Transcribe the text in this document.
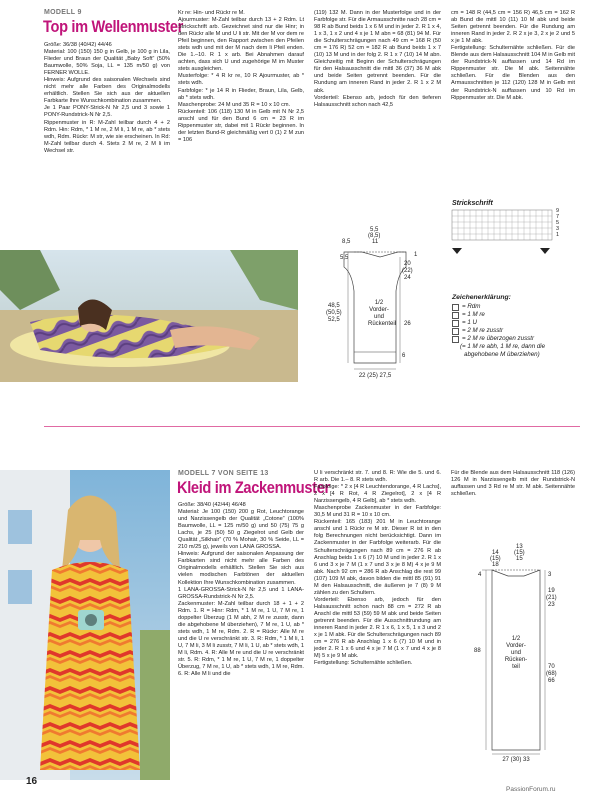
MODELL 9
Top im Wellenmuster
Größe: 36/38 (40/42) 44/46
Material: 100 (150) 150 g in Gelb, je 100 g in Lila, Flieder und Braun der Qualität „Baby Soft“ (50% Baumwolle, 50% Soja, LL = 135 m/50 g) von FERNER WOLLE.
Hinweis: Aufgrund des saisonalen Wechsels sind nicht mehr alle Farben des Originalmodells erhältlich. Stellen Sie sich aus der aktuellen Farbkarte Ihre Wunschkombination zusammen.
Je 1 Paar PONY-Strick-N Nr 2,5 und 3 sowie 1 PONY-Rundstrick-N Nr 2,5.
Rippenmuster in R: M-Zahl teilbar durch 4 + 2 Rdm. Hin: Rdm, * 1 M re, 2 M li, 1 M re, ab * stets wdh, Rdm. Rückr: M str, wie sie erscheinen. In Rd: M-Zahl teilbar durch 4. Stets 2 M re, 2 M li im Wechsel str.
Kr re: Hin- und Rückr re M.
Ajourmuster: M-Zahl teilbar durch 13 + 2 Rdm. Lt Strickschrift arb. Gezeichnet sind nur die Hinr; in den Rückr alle M und U li str. Mit der M vor dem re Pfeil beginnen, den Rapport zwischen den Pfeilen stets wdh und mit der M nach dem li Pfeil enden. Die 1.–10. R 1 x arb. Bei Abnahmen darauf achten, dass sich U und zugehörige M im Muster stets ausgleichen.
Musterfolge: * 4 R kr re, 10 R Ajourmuster, ab * stets wdh.
Farbfolge: * je 14 R in Flieder, Braun, Lila, Gelb, ab * stets wdh.
Maschenprobe: 24 M und 35 R = 10 x 10 cm.
Rückenteil: 106 (118) 130 M in Gelb mit N Nr 2,5 anschl und für den Bund 6 cm = 23 R im Rippenmuster str, dabei mit 1 Rückr beginnen. In der letzten Bund-R gleichmäßig vert 0 (1) 2 M zun = 106
(119) 132 M. Dann in der Musterfolge und in der Farbfolge str. Für die Armausschnitte nach 28 cm = 98 R ab Bund beids 1 x 6 M und in jeder 2. R 1 x 4, 1 x 3, 1 x 2 und 4 x je 1 M abn = 68 (81) 94 M. Für die Schulterschrägungen nach 49 cm = 168 R (50 cm = 176 R) 52 cm = 182 R ab Bund beids 1 x 7 (10) 13 M und in der folg 2. R 1 x 7 (10) 14 M abn. Gleichzeitig mit Beginn der Schulterschrägungen für den Halsausschnitt die mittl 36 (37) 36 M abk und beide Seiten getrennt beenden. Für die Rundung am inneren Rand in jeder 2. R 1 x 2 M abk.
Vorderteil: Ebenso arb, jedoch für den tieferen Halsausschnitt schon nach 42,5
cm = 148 R (44,5 cm = 156 R) 46,5 cm = 162 R ab Bund die mittl 10 (11) 10 M abk und beide Seiten getrennt beenden. Für die Rundung am inneren Rand in jeder 2. R 2 x je 3, 2 x je 2 und 5 x je 1 M abk.
Fertigstellung: Schulternähte schließen. Für die Blende aus dem Halsausschnitt 104 M in Gelb mit der Rundstrick-N auffassen und 14 Rd im Rippenmuster str. Die M abk. Seitennähte schließen. Für die Blenden aus den Armausschnitten je 112 (120) 128 M in Gelb mit der Rundstrick-N auffassen und 10 Rd im Rippenmuster str. Die M abk.
8,5
5,5
(8,5)
11
5,5	1
20
(22)
24
26
48,5
(50,5)
52,5
6
1/2
Vorder-
und
Rückenteil
22 (25) 27,5
Strickschrift
9
7
5
3
1
Zeichenerklärung:
= Rdm
= 1 M re
= 1 U
= 2 M re zusstr
= 2 M re überzogen zusstr
(= 1 M re abh, 1 M re, dann die
abgehobene M überziehen)
MODELL 7 VON SEITE 13
Kleid im Zackenmuster
Größe: 38/40 (42/44) 46/48
Material: Je 100 (150) 200 g Rot, Leuchtorange und Narzissengelb der Qualität „Cotone“ (100% Baumwolle, LL = 125 m/50 g) und 50 (75) 75 g Lachs, je 25 (50) 50 g Ziegelrot und Gelb der Qualität „Silkhair“ (70 % Mohair, 30 % Seide, LL = 210 m/25 g), jeweils von LANA GROSSA.
Hinweis: Aufgrund der saisonalen Anpassung der Farbkarten sind nicht mehr alle Farben des Originalmodells erhältlich. Stellen Sie sich aus vielen modischen Farbtönen der aktuellen Kollektion Ihre Wunschkombination zusammen.
1 LANA-GROSSA-Strick-N Nr 2,5 und 1 LANA-GROSSA-Rundstrick-N Nr 2,5.
Zackenmuster: M-Zahl teilbar durch 18 + 1 + 2 Rdm. 1. R = Hinr: Rdm, * 1 M re, 1 U, 7 M re, 1 doppelter Überzug (1 M abh, 2 M re zusstr, dann die abgehobene M überziehen), 7 M re, 1 U, ab * stets wdh, 1 M re, Rdm. 2. R = Rückr: Alle M re und die U re verschränkt str. 3. R: Rdm, * 1 M li, 1 U, 7 M li, 3 M li zusstr, 7 M li, 1 U, ab * stets wdh, 1 M li, Rdm. 4. R: Alle M re und die U re verschränkt str. 5. R: Rdm, * 1 M re, 1 U, 7 M re, 1 doppelter Überzug, 7 M re, 1 U, ab * stets wdh, 1 M re, Rdm. 6. R: Alle M li und die
U li verschränkt str. 7. und 8. R: Wie die 5. und 6. R arb. Die 1.– 8. R stets wdh.
Farbfolge: * 2 x [4 R Leuchtendorange, 4 R Lachs], 2 x [4 R Rot, 4 R Ziegelrot], 2 x [4 R Narzissengelb, 4 R Gelb], ab * stets wdh.
Maschenprobe Zackenmuster in der Farbfolge: 30,5 M und 31 R = 10 x 10 cm.
Rückenteil: 165 (183) 201 M in Leuchtorange anschl und 1 Rückr re M str. Dieser R ist in den folg Berechnungen nicht berücksichtigt. Dann im Zackenmuster in der Farbfolge weiterarb. Für die Schulterschrägungen nach 89 cm = 276 R ab Anschlag beids 1 x 6 (7) 10 M und in jeder 2. R 1 x 6 und 3 x je 7 M (1 x 7 und 3 x je 8 M) 4 x je 9 M abk. Nach 92 cm = 286 R ab Anschlag die rest 99 (107) 109 M abk, davon bilden die mittl 85 (91) 91 M den Halsausschnitt, die äußeren je 7 (8) 9 M zählen zu den Schultern.
Vorderteil: Ebenso arb, jedoch für den Halsausschnitt schon nach 88 cm = 272 R ab Anschl die mittl 53 (59) 59 M abk und beide Seiten getrennt beenden. Für die Ausschnittrundung am inneren Rand in jeder 2. R 1 x 6, 1 x 5, 1 x 3 und 2 x je 1 M abk. Für die Schulterschrägungen nach 89 cm = 276 R ab Anschlag 1 x 6 (7) 10 M und in jeder 2. R 1 x 6 und 4 x je 7 M (1 x 7 und 4 x je 8 M) 5 x je 9 M abk.
Fertigstellung: Schulternähte schließen.
Für die Blende aus dem Halsausschnitt 118 (126) 126 M in Narzissengelb mit der Rundstrick-N auffassen und 3 Rd re M str. M abk. Seitennähte schließen.
14
(15)
18
13
(15)
15
4	3
19
(21)
23
88
70
(68)
66
1/2
Vorder-
und
Rücken-
teil
27 (30) 33
16
PassionForum.ru
